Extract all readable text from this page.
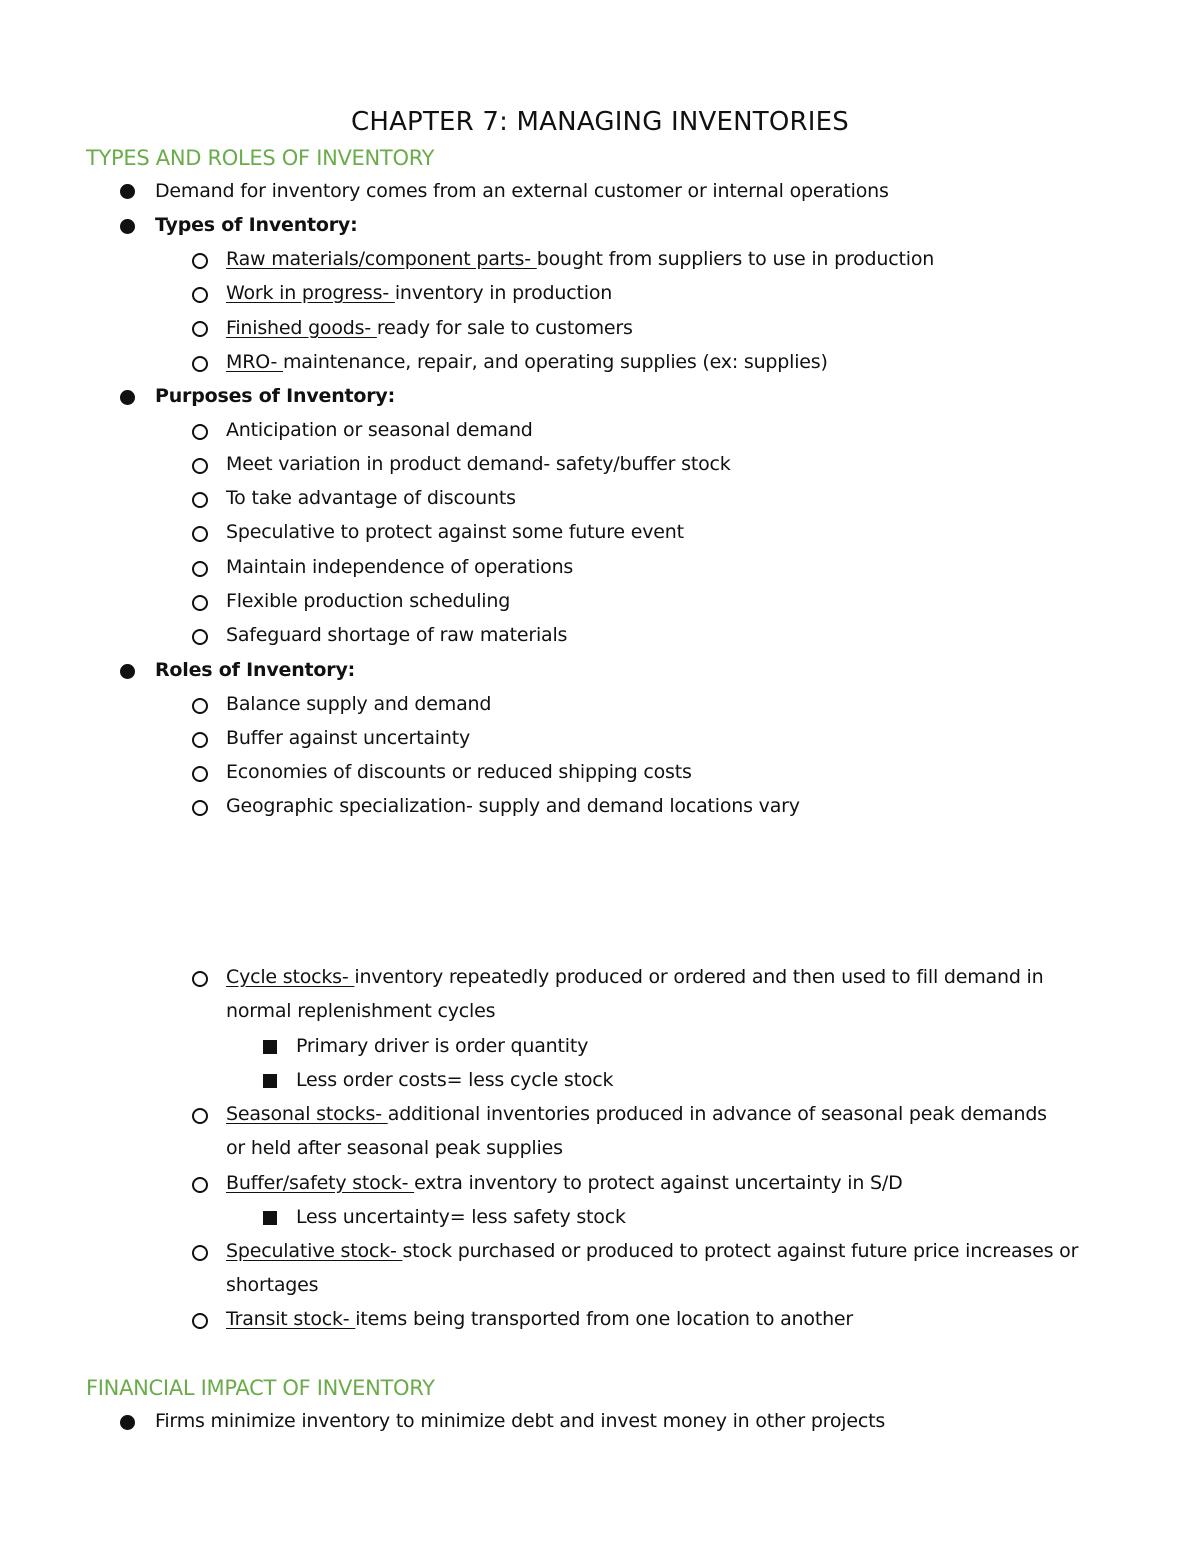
CHAPTER 7: MANAGING INVENTORIES
TYPES AND ROLES OF INVENTORY
Demand for inventory comes from an external customer or internal operations
Types of Inventory:
Raw materials/component parts- bought from suppliers to use in production
Work in progress- inventory in production
Finished goods- ready for sale to customers
MRO- maintenance, repair, and operating supplies (ex: supplies)
Purposes of Inventory:
Anticipation or seasonal demand
Meet variation in product demand- safety/buffer stock
To take advantage of discounts
Speculative to protect against some future event
Maintain independence of operations
Flexible production scheduling
Safeguard shortage of raw materials
Roles of Inventory:
Balance supply and demand
Buffer against uncertainty
Economies of discounts or reduced shipping costs
Geographic specialization- supply and demand locations vary
Cycle stocks- inventory repeatedly produced or ordered and then used to fill demand in
normal replenishment cycles
Primary driver is order quantity
Less order costs= less cycle stock
Seasonal stocks- additional inventories produced in advance of seasonal peak demands
or held after seasonal peak supplies
Buffer/safety stock- extra inventory to protect against uncertainty in S/D
Less uncertainty= less safety stock
Speculative stock- stock purchased or produced to protect against future price increases or
shortages
Transit stock- items being transported from one location to another
FINANCIAL IMPACT OF INVENTORY
Firms minimize inventory to minimize debt and invest money in other projects
